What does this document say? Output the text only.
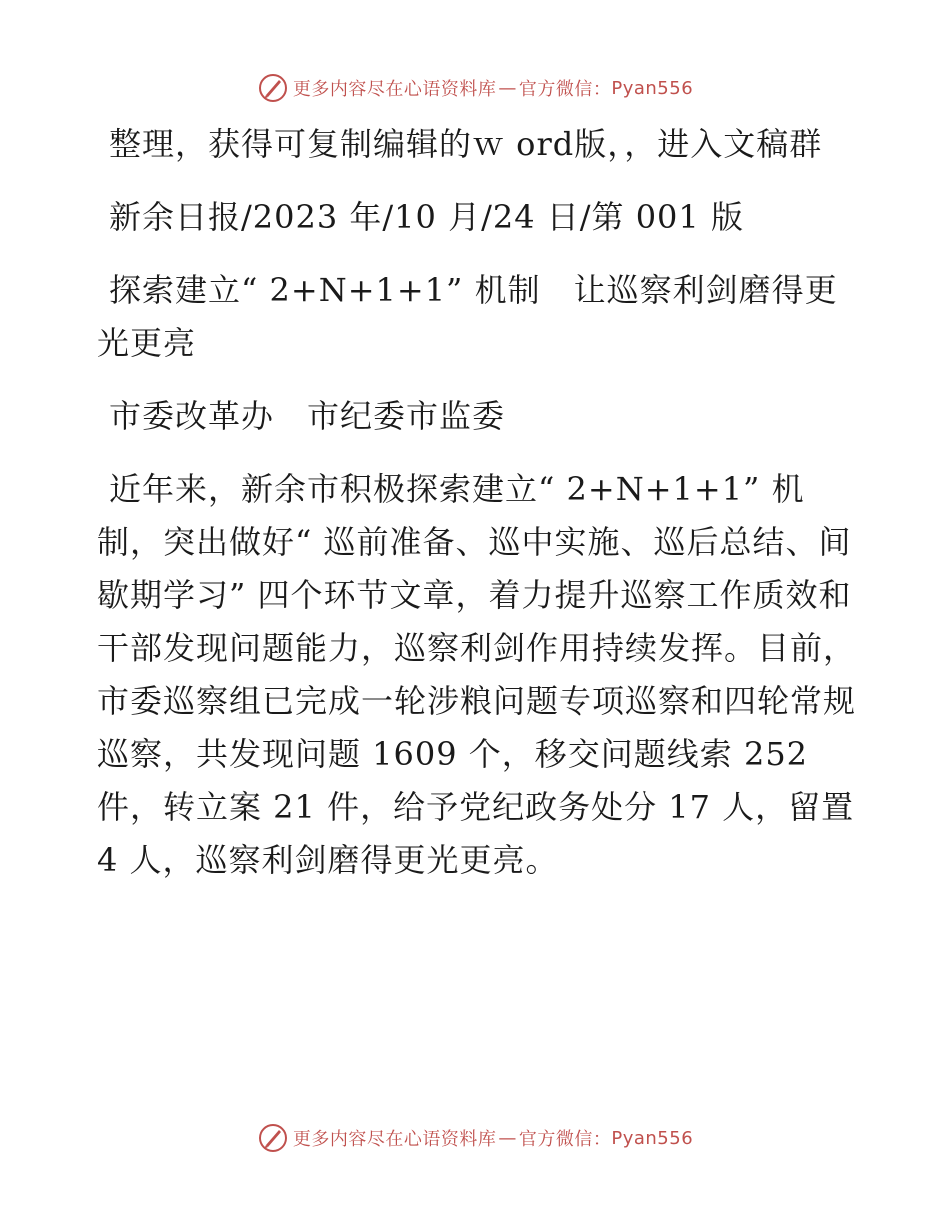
更多内容尽在心语资料库 — 官方微信： Pyan556

整理，获得可复制编辑的ｗ ord版，，进入文稿群

新余日报/2023 年/10 月/24 日/第 001 版

探索建立“ 2+N+1+1” 机制　让巡察利剑磨得更光更亮

市委改革办　市纪委市监委

近年来，新余市积极探索建立“ 2+N+1+1” 机制，突出做好“ 巡前准备、巡中实施、巡后总结、间歇期学习” 四个环节文章，着力提升巡察工作质效和干部发现问题能力，巡察利剑作用持续发挥。目前，市委巡察组已完成一轮涉粮问题专项巡察和四轮常规巡察，共发现问题 1609 个，移交问题线索 252 件，转立案 21 件，给予党纪政务处分 17 人，留置 4 人，巡察利剑磨得更光更亮。

更多内容尽在心语资料库 — 官方微信： Pyan556
